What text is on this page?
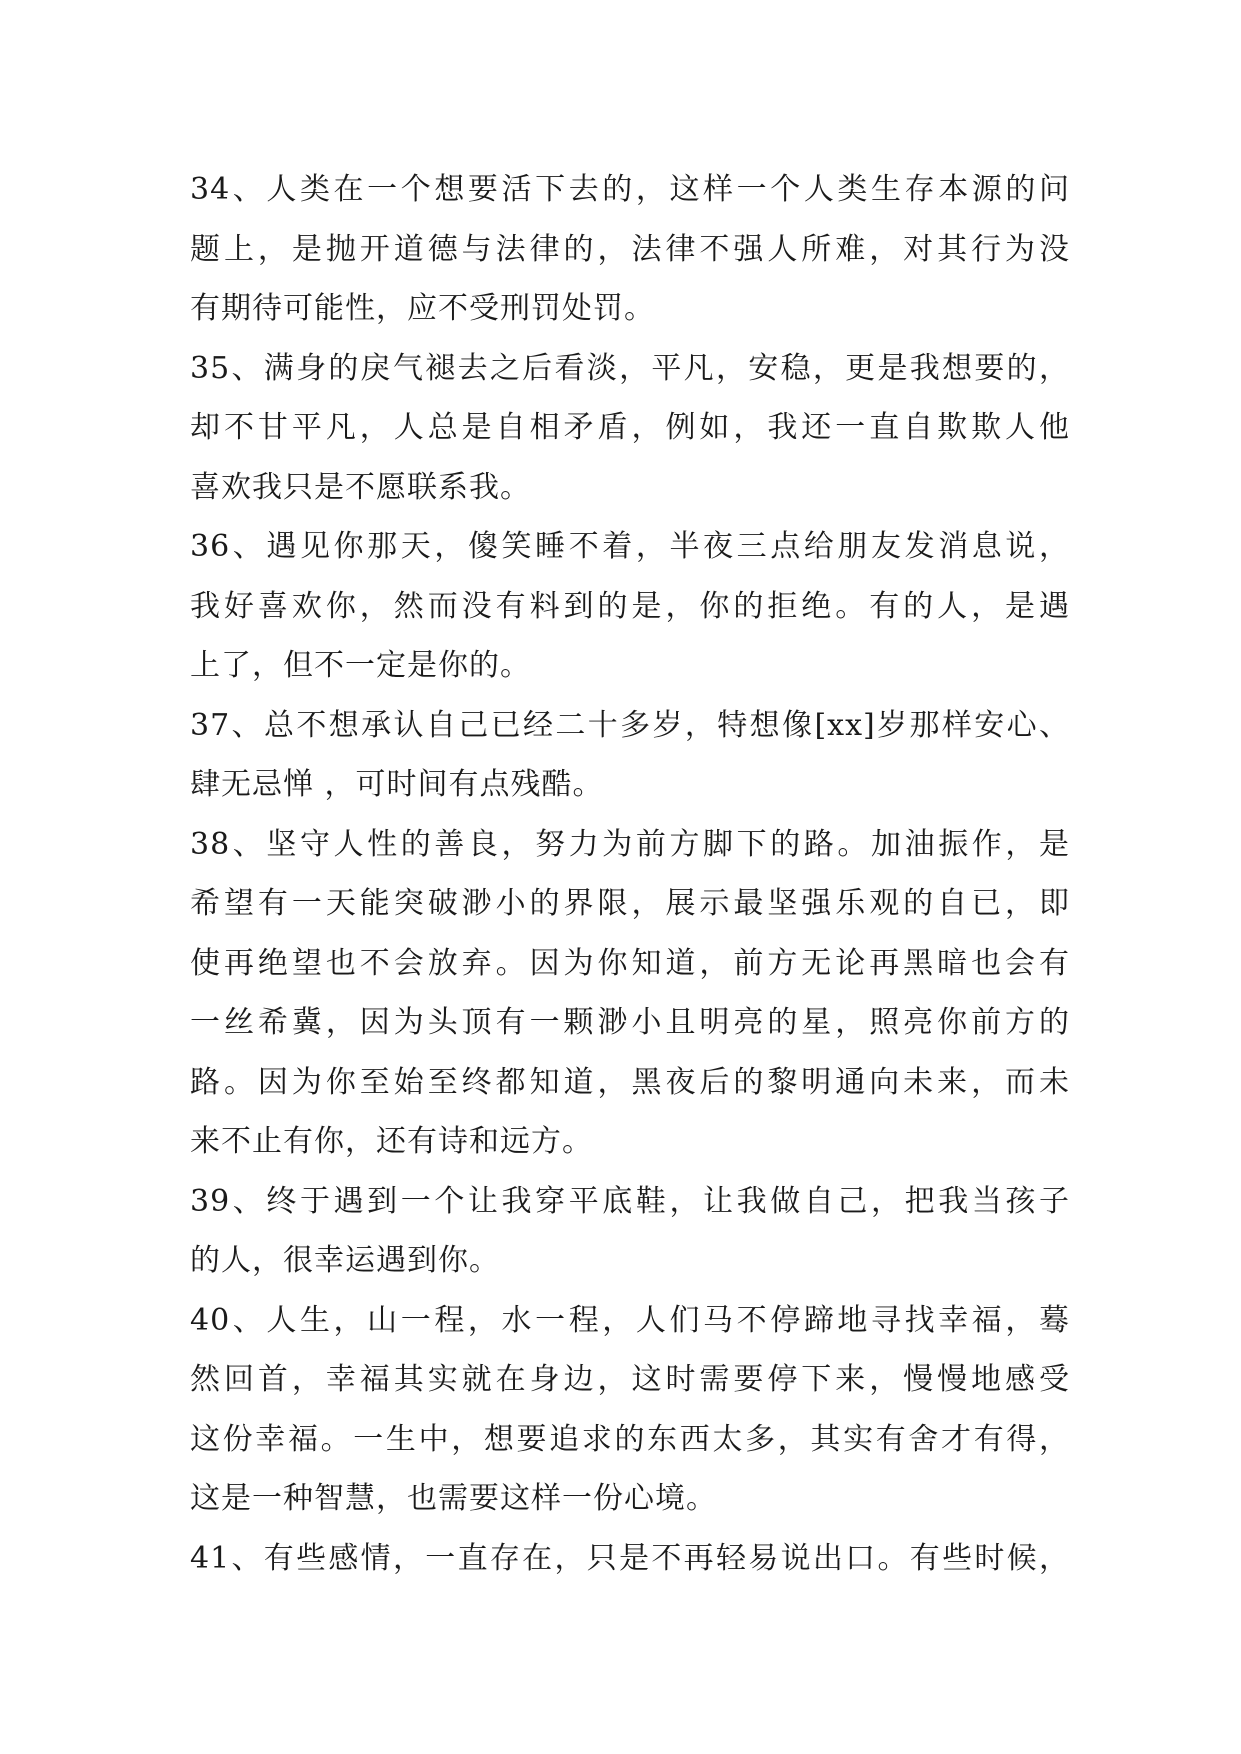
34、人类在一个想要活下去的，这样一个人类生存本源的问
题上，是抛开道德与法律的，法律不强人所难，对其行为没
有期待可能性，应不受刑罚处罚。
35、满身的戾气褪去之后看淡，平凡，安稳，更是我想要的，
却不甘平凡，人总是自相矛盾，例如，我还一直自欺欺人他
喜欢我只是不愿联系我。
36、遇见你那天，傻笑睡不着，半夜三点给朋友发消息说，
我好喜欢你，然而没有料到的是，你的拒绝。有的人，是遇
上了，但不一定是你的。
37、总不想承认自己已经二十多岁，特想像[xx]岁那样安心、
肆无忌惮 ，可时间有点残酷。
38、坚守人性的善良，努力为前方脚下的路。加油振作，是
希望有一天能突破渺小的界限，展示最坚强乐观的自已，即
使再绝望也不会放弃。因为你知道，前方无论再黑暗也会有
一丝希冀，因为头顶有一颗渺小且明亮的星，照亮你前方的
路。因为你至始至终都知道，黑夜后的黎明通向未来，而未
来不止有你，还有诗和远方。
39、终于遇到一个让我穿平底鞋，让我做自己，把我当孩子
的人，很幸运遇到你。
40、人生，山一程，水一程，人们马不停蹄地寻找幸福，蓦
然回首，幸福其实就在身边，这时需要停下来，慢慢地感受
这份幸福。一生中，想要追求的东西太多，其实有舍才有得，
这是一种智慧，也需要这样一份心境。
41、有些感情，一直存在，只是不再轻易说出口。有些时候，
